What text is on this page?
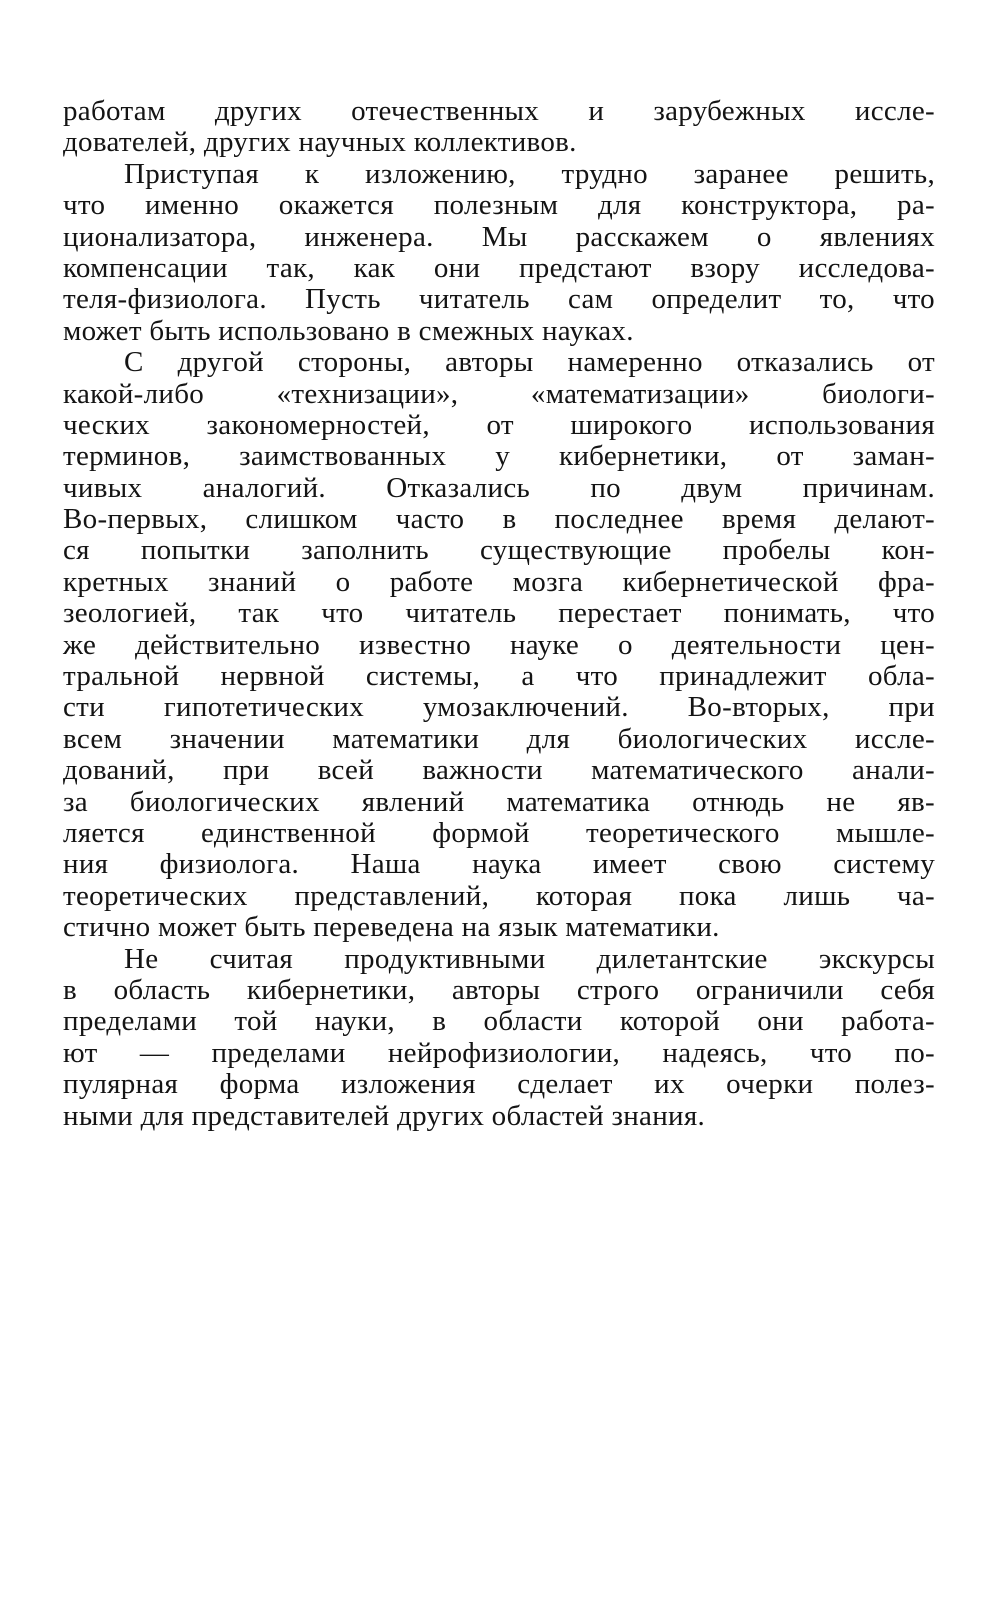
работам других отечественных и зарубежных иссле-
дователей, других научных коллективов.
Приступая к изложению, трудно заранее решить,
что именно окажется полезным для конструктора, ра-
ционализатора, инженера. Мы расскажем о явлениях
компенсации так, как они предстают взору исследова-
теля-физиолога. Пусть читатель сам определит то, что
может быть использовано в смежных науках.
С другой стороны, авторы намеренно отказались от
какой-либо «технизации», «математизации» биологи-
ческих закономерностей, от широкого использования
терминов, заимствованных у кибернетики, от заман-
чивых аналогий. Отказались по двум причинам.
Во-первых, слишком часто в последнее время делают-
ся попытки заполнить существующие пробелы кон-
кретных знаний о работе мозга кибернетической фра-
зеологией, так что читатель перестает понимать, что
же действительно известно науке о деятельности цен-
тральной нервной системы, а что принадлежит обла-
сти гипотетических умозаключений. Во-вторых, при
всем значении математики для биологических иссле-
дований, при всей важности математического анали-
за биологических явлений математика отнюдь не яв-
ляется единственной формой теоретического мышле-
ния физиолога. Наша наука имеет свою систему
теоретических представлений, которая пока лишь ча-
стично может быть переведена на язык математики.
Не считая продуктивными дилетантские экскурсы
в область кибернетики, авторы строго ограничили себя
пределами той науки, в области которой они работа-
ют — пределами нейрофизиологии, надеясь, что по-
пулярная форма изложения сделает их очерки полез-
ными для представителей других областей знания.
